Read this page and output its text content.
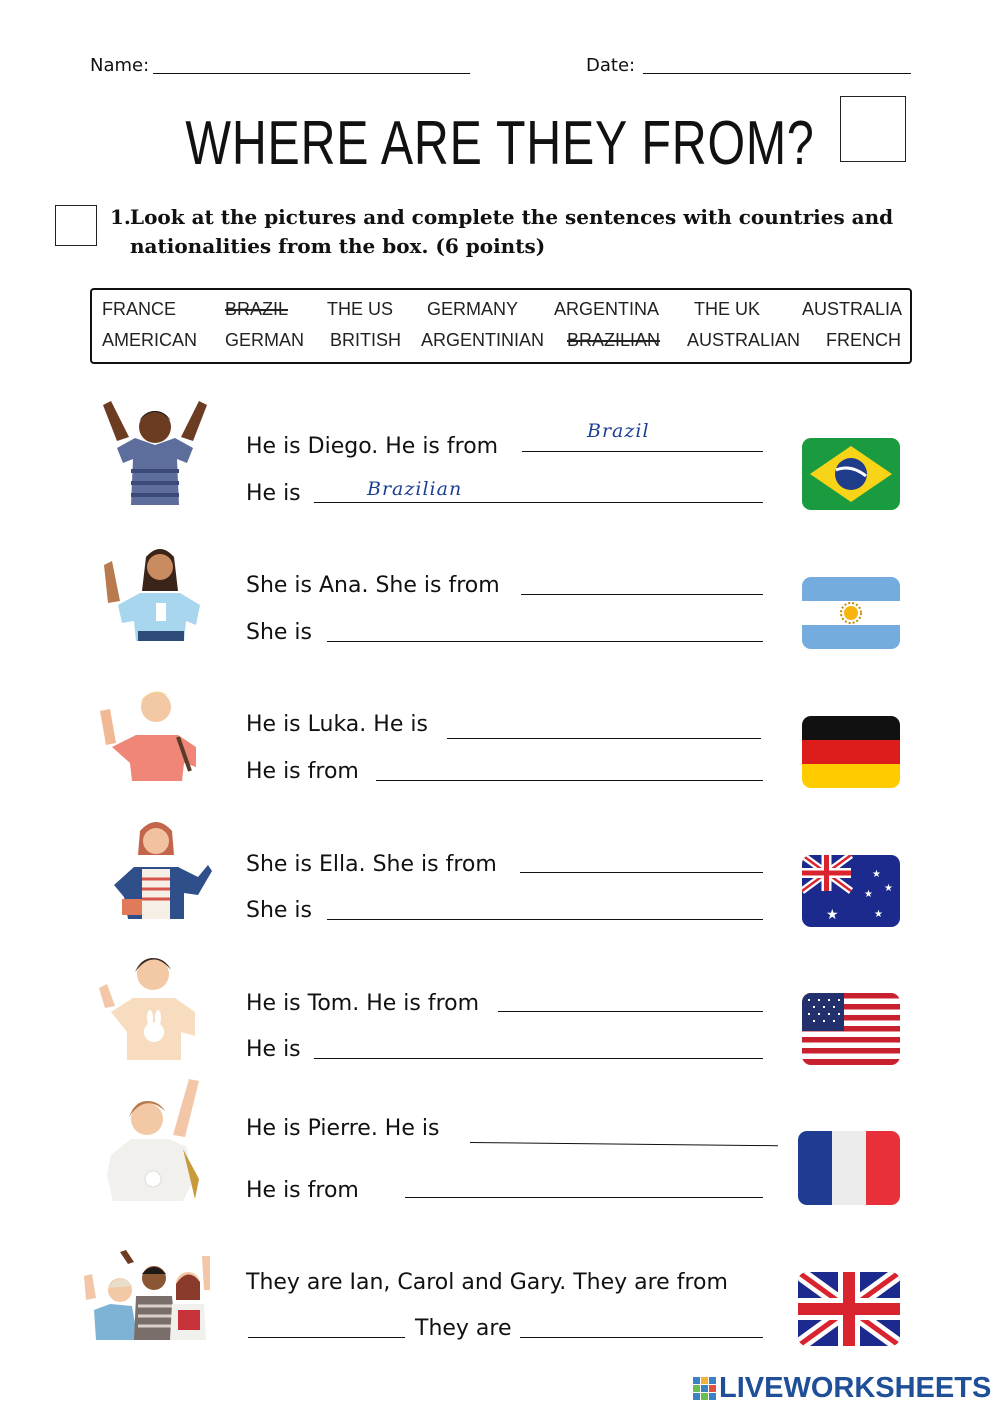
Name:	Date:
WHERE ARE THEY FROM?
1. Look at the pictures and complete the sentences with countries and
nationalities from the box. (6 points)
FRANCE	BRAZIL THE US GERMANY ARGENTINA THE UK AUSTRALIA
AMERICAN GERMAN BRITISH ARGENTINIAN BRAZILIAN AUSTRALIAN FRENCH
He is Diego. He is from
Brazil
He is	Brazilian
She is Ana. She is from
She is
He is Luka. He is
He is from
She is Ella. She is from
She is	★
★
★
★
★
He is Tom. He is from
He is
He is Pierre. He is
He is from
They are Ian, Carol and Gary. They are from
They are
LIVEWORKSHEETS
